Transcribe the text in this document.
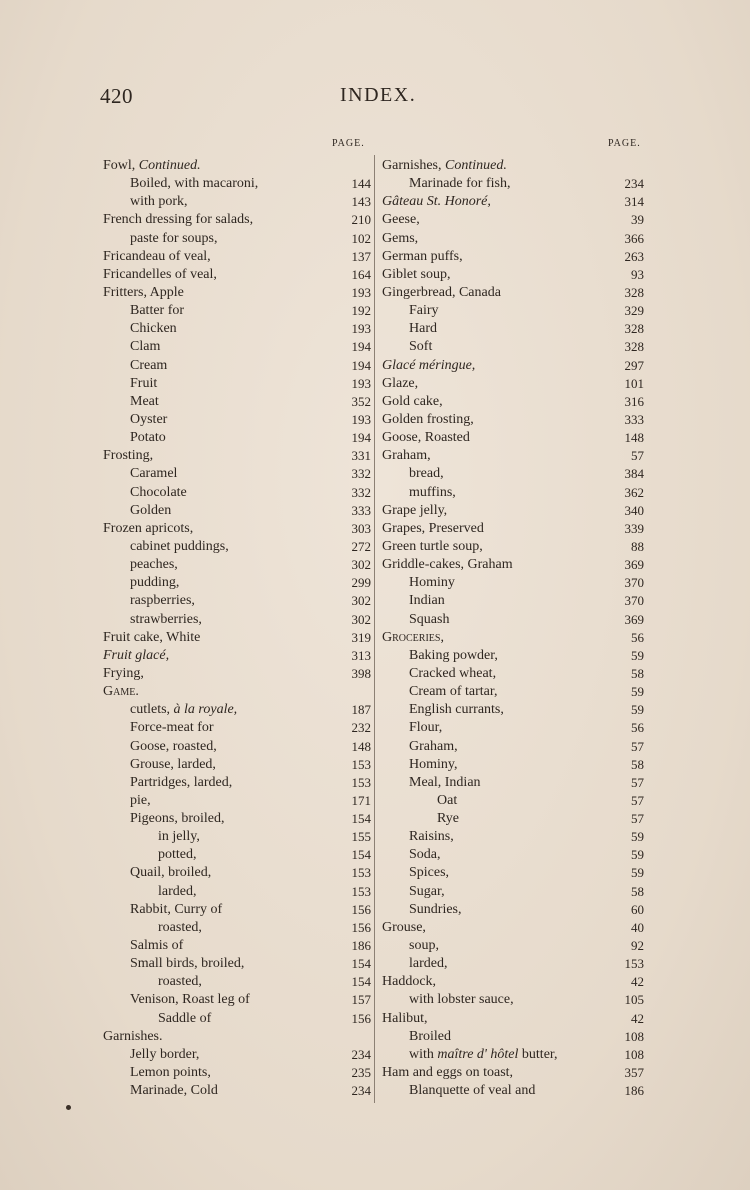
420	INDEX.
PAGE.	PAGE.
Fowl, Continued.
Boiled, with macaroni,	144
with pork,	143
French dressing for salads,	210
paste for soups,	102
Fricandeau of veal,	137
Fricandelles of veal,	164
Fritters, Apple	193
Batter for	192
Chicken	193
Clam	194
Cream	194
Fruit	193
Meat	352
Oyster	193
Potato	194
Frosting,	331
Caramel	332
Chocolate	332
Golden	333
Frozen apricots,	303
cabinet puddings,	272
peaches,	302
pudding,	299
raspberries,	302
strawberries,	302
Fruit cake, White	319
Fruit glacé,	313
Frying,	398
Game.
cutlets, à la royale,	187
Force-meat for	232
Goose, roasted,	148
Grouse, larded,	153
Partridges, larded,	153
pie,	171
Pigeons, broiled,	154
in jelly,	155
potted,	154
Quail, broiled,	153
larded,	153
Rabbit, Curry of	156
roasted,	156
Salmis of	186
Small birds, broiled,	154
roasted,	154
Venison, Roast leg of	157
Saddle of	156
Garnishes.
Jelly border,	234
Lemon points,	235
Marinade, Cold	234
Garnishes, Continued.
Marinade for fish,	234
Gâteau St. Honoré,	314
Geese,	39
Gems,	366
German puffs,	263
Giblet soup,	93
Gingerbread, Canada	328
Fairy	329
Hard	328
Soft	328
Glacé méringue,	297
Glaze,	101
Gold cake,	316
Golden frosting,	333
Goose, Roasted	148
Graham,	57
bread,	384
muffins,	362
Grape jelly,	340
Grapes, Preserved	339
Green turtle soup,	88
Griddle-cakes, Graham	369
Hominy	370
Indian	370
Squash	369
Groceries,	56
Baking powder,	59
Cracked wheat,	58
Cream of tartar,	59
English currants,	59
Flour,	56
Graham,	57
Hominy,	58
Meal, Indian	57
Oat	57
Rye	57
Raisins,	59
Soda,	59
Spices,	59
Sugar,	58
Sundries,	60
Grouse,	40
soup,	92
larded,	153
Haddock,	42
with lobster sauce,	105
Halibut,	42
Broiled	108
with maître d' hôtel butter,	108
Ham and eggs on toast,	357
Blanquette of veal and	186
